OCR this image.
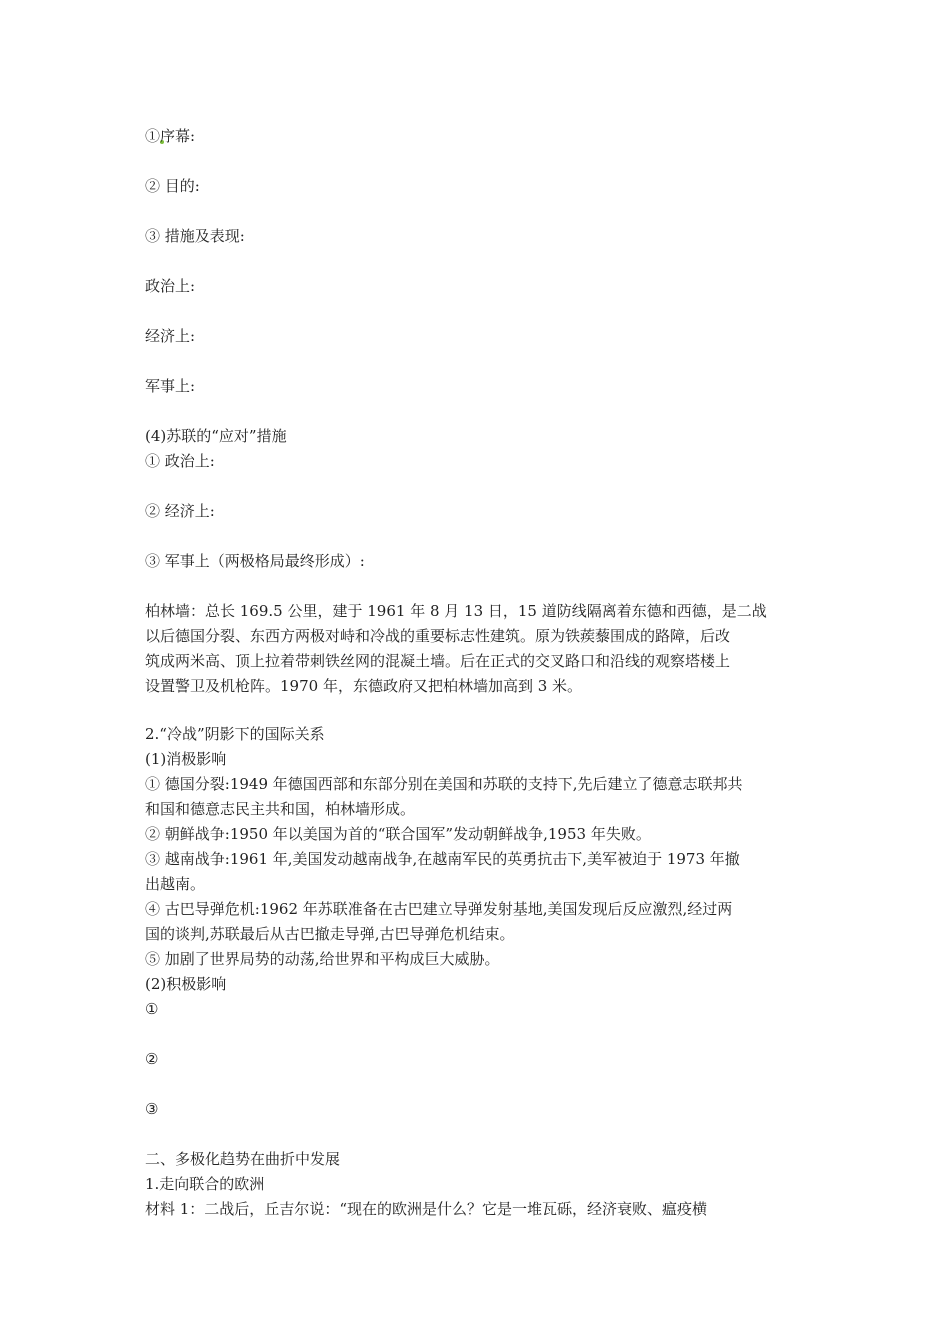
①序幕:
② 目的:
③ 措施及表现:
政治上:
经济上:
军事上:
(4)苏联的“应对”措施
① 政治上:
② 经济上:
③ 军事上（两极格局最终形成）:
柏林墙：总长 169.5 公里，建于 1961 年 8 月 13 日，15 道防线隔离着东德和西德，是二战
以后德国分裂、东西方两极对峙和冷战的重要标志性建筑。原为铁蒺藜围成的路障，后改
筑成两米高、顶上拉着带刺铁丝网的混凝土墙。后在正式的交叉路口和沿线的观察塔楼上
设置警卫及机枪阵。1970 年，东德政府又把柏林墙加高到 3 米。
2.“冷战”阴影下的国际关系
(1)消极影响
① 德国分裂:1949 年德国西部和东部分别在美国和苏联的支持下,先后建立了德意志联邦共
和国和德意志民主共和国，柏林墙形成。
② 朝鲜战争:1950 年以美国为首的“联合国军”发动朝鲜战争,1953 年失败。
③ 越南战争:1961 年,美国发动越南战争,在越南军民的英勇抗击下,美军被迫于 1973 年撤
出越南。
④ 古巴导弹危机:1962 年苏联准备在古巴建立导弹发射基地,美国发现后反应激烈,经过两
国的谈判,苏联最后从古巴撤走导弹,古巴导弹危机结束。
⑤ 加剧了世界局势的动荡,给世界和平构成巨大威胁。
(2)积极影响
①
②
③
二、多极化趋势在曲折中发展
1.走向联合的欧洲
材料 1：二战后，丘吉尔说：“现在的欧洲是什么？它是一堆瓦砾，经济衰败、瘟疫横
